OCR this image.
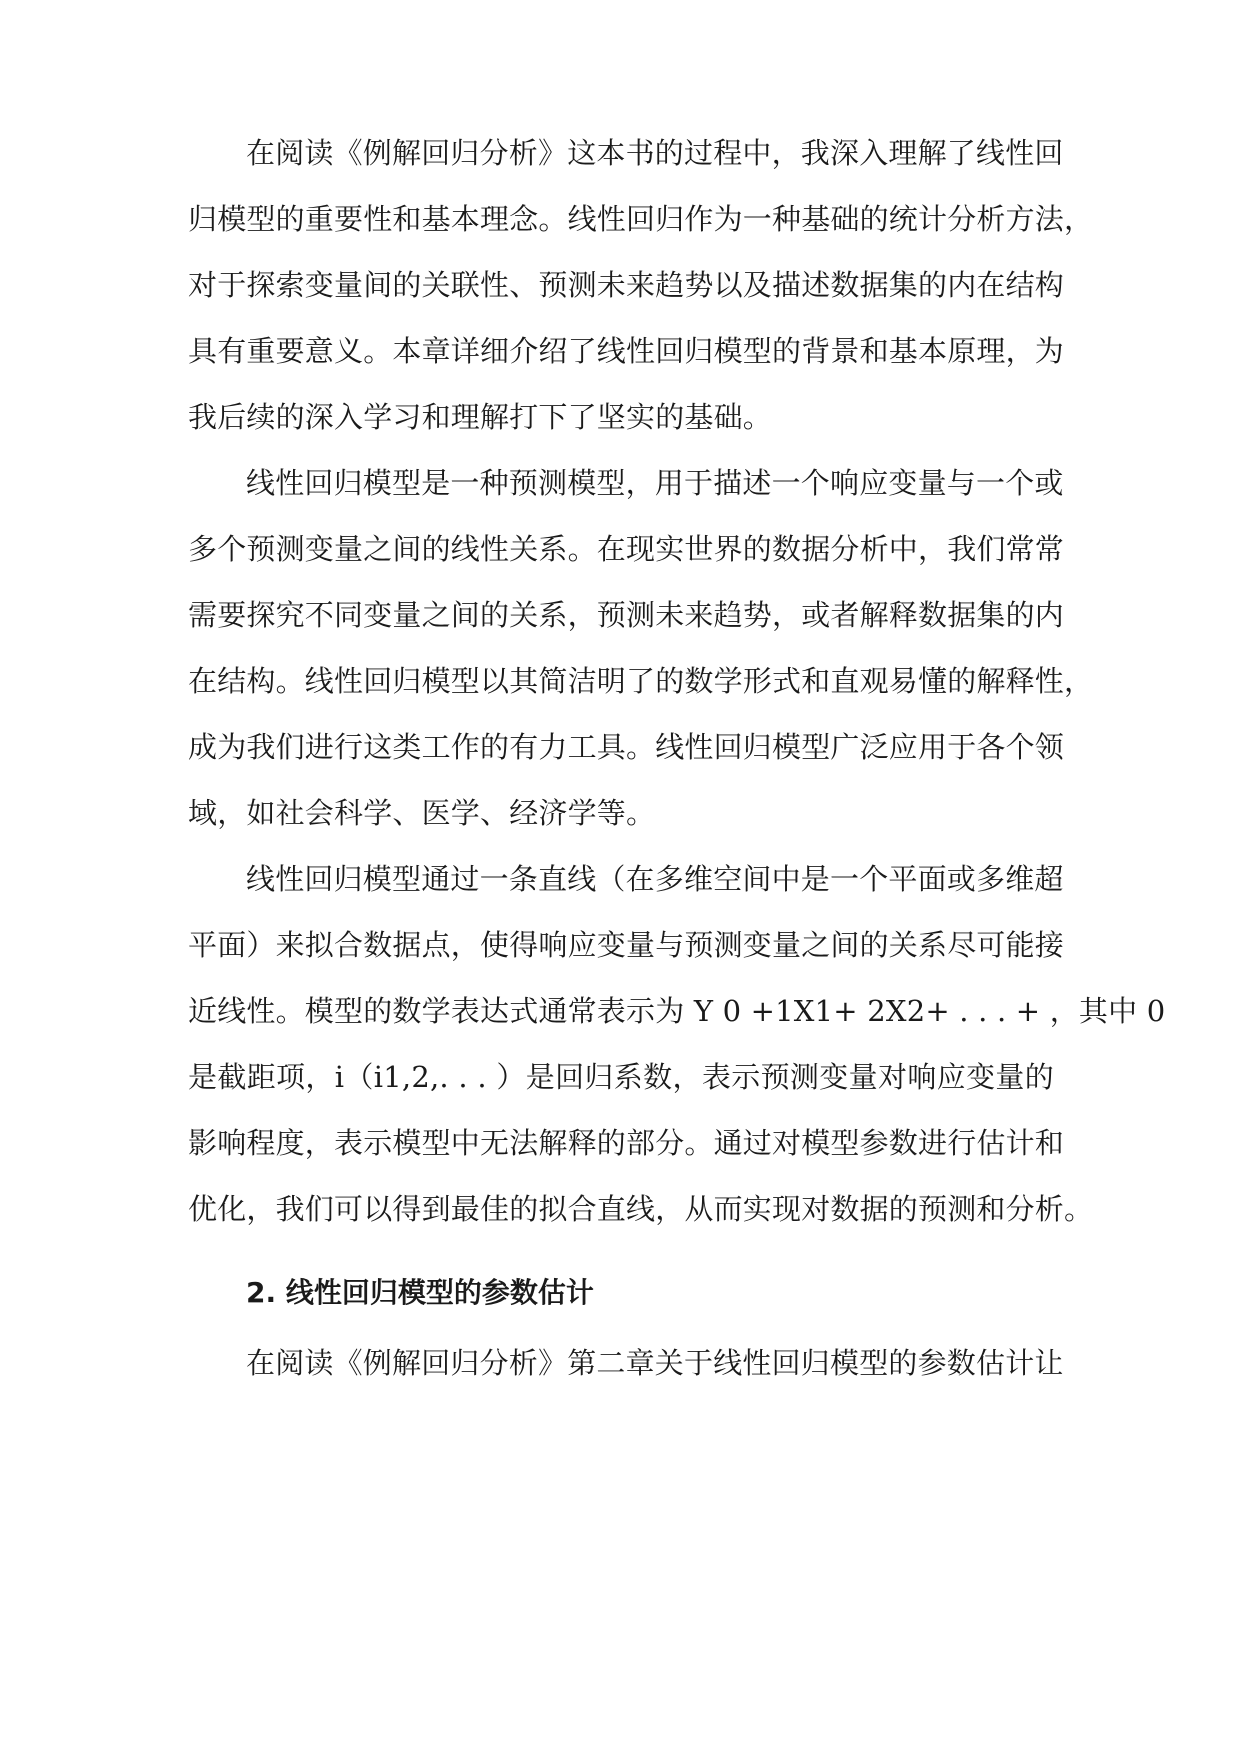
在阅读《例解回归分析》这本书的过程中，我深入理解了线性回
归模型的重要性和基本理念。线性回归作为一种基础的统计分析方法，
对于探索变量间的关联性、预测未来趋势以及描述数据集的内在结构
具有重要意义。本章详细介绍了线性回归模型的背景和基本原理，为
我后续的深入学习和理解打下了坚实的基础。
线性回归模型是一种预测模型，用于描述一个响应变量与一个或
多个预测变量之间的线性关系。在现实世界的数据分析中，我们常常
需要探究不同变量之间的关系，预测未来趋势，或者解释数据集的内
在结构。线性回归模型以其简洁明了的数学形式和直观易懂的解释性，
成为我们进行这类工作的有力工具。线性回归模型广泛应用于各个领
域，如社会科学、医学、经济学等。
线性回归模型通过一条直线（在多维空间中是一个平面或多维超
平面）来拟合数据点，使得响应变量与预测变量之间的关系尽可能接
近线性。模型的数学表达式通常表示为 Y 0 +1X1+ 2X2+ . . . + ，其中 0
是截距项，i（i1,2,. . . ）是回归系数，表示预测变量对响应变量的
影响程度，表示模型中无法解释的部分。通过对模型参数进行估计和
优化，我们可以得到最佳的拟合直线，从而实现对数据的预测和分析。
2. 线性回归模型的参数估计
在阅读《例解回归分析》第二章关于线性回归模型的参数估计让
